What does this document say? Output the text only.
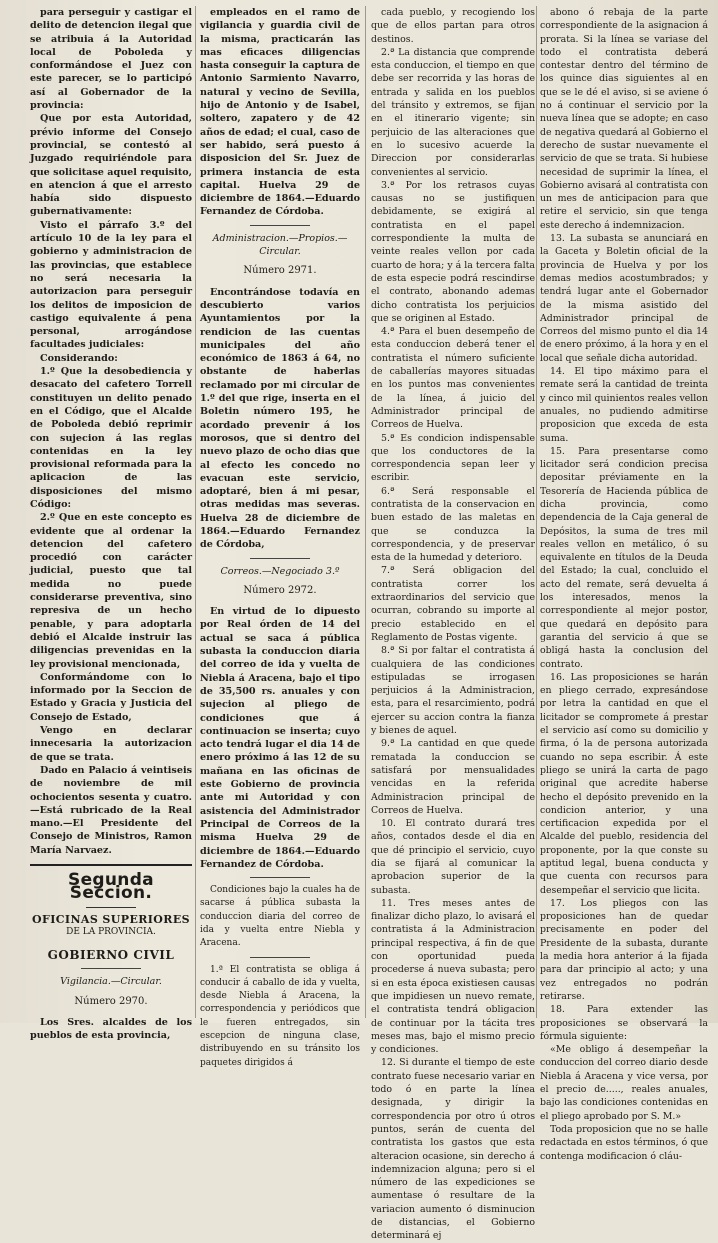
para perseguir y castigar el delito de detencion ilegal que se atribuia á la Autoridad local de Poboleda y conformándose el Juez con este parecer, se lo participó así al Gobernador de la provincia:

Que por esta Autoridad, prévio informe del Consejo provincial, se contestó al Juzgado requiriéndole para que solicitase aquel requisito, en atencion á que el arresto había sido dispuesto gubernativamente:

Visto el párrafo 3.º del artículo 10 de la ley para el gobierno y administracion de las provincias, que establece no será necesaria la autorizacion para perseguir los delitos de imposicion de castigo equivalente á pena personal, arrogándose facultades judiciales:

Considerando:

1.º Que la desobediencia y desacato del cafetero Torrell constituyen un delito penado en el Código, que el Alcalde de Poboleda debió reprimir con sujecion á las reglas contenidas en la ley provisional reformada para la aplicacion de las disposiciones del mismo Código:

2.º Que en este concepto es evidente que al ordenar la detencion del cafetero procedió con carácter judicial, puesto que tal medida no puede considerarse preventiva, sino represiva de un hecho penable, y para adoptarla debió el Alcalde instruir las diligencias prevenidas en la ley provisional mencionada,

Conformándome con lo informado por la Seccion de Estado y Gracia y Justicia del Consejo de Estado,

Vengo en declarar innecesaria la autorizacion de que se trata.

Dado en Palacio á veintiseis de noviembre de mil ochocientos sesenta y cuatro.—Está rubricado de la Real mano.—El Presidente del Consejo de Ministros, Ramon María Narvaez.

Segunda Seccion.
OFICINAS SUPERIORES
DE LA PROVINCIA.
GOBIERNO CIVIL
Vigilancia.—Circular.
Número 2970.

Los Sres. alcaldes de los pueblos de esta provincia,

empleados en el ramo de vigilancia y guardia civil de la misma, practicarán las mas eficaces diligencias hasta conseguir la captura de Antonio Sarmiento Navarro, natural y vecino de Sevilla, hijo de Antonio y de Isabel, soltero, zapatero y de 42 años de edad; el cual, caso de ser habido, será puesto á disposicion del Sr. Juez de primera instancia de esta capital. Huelva 29 de diciembre de 1864.—Eduardo Fernandez de Córdoba.

Administracion.—Propios.—Circular.
Número 2971.

Encontrándose todavía en descubierto varios Ayuntamientos por la rendicion de las cuentas municipales del año económico de 1863 á 64, no obstante de haberlas reclamado por mi circular de 1.º del que rige, inserta en el Boletin número 195, he acordado prevenir á los morosos, que si dentro del nuevo plazo de ocho dias que al efecto les concedo no evacuan este servicio, adoptaré, bien á mi pesar, otras medidas mas severas. Huelva 28 de diciembre de 1864.—Eduardo Fernandez de Córdoba,

Correos.—Negociado 3.º
Número 2972.

En virtud de lo dipuesto por Real órden de 14 del actual se saca á pública subasta la conduccion diaria del correo de ida y vuelta de Niebla á Aracena, bajo el tipo de 35,500 rs. anuales y con sujecion al pliego de condiciones que á continuacion se inserta; cuyo acto tendrá lugar el dia 14 de enero próximo á las 12 de su mañana en las oficinas de este Gobierno de provincia ante mi Autoridad y con asistencia del Administrador Principal de Correos de la misma Huelva 29 de diciembre de 1864.—Eduardo Fernandez de Córdoba.

Condiciones bajo la cuales ha de sacarse á pública subasta la conduccion diaria del correo de ida y vuelta entre Niebla y Aracena.

1.ª El contratista se obliga á conducir á caballo de ida y vuelta, desde Niebla á Aracena, la correspondencia y periódicos que le fueren entregados, sin escepcion de ninguna clase, distribuyendo en su tránsito los paquetes dirigidos á

cada pueblo, y recogiendo los que de ellos partan para otros destinos.

2.ª La distancia que comprende esta conduccion, el tiempo en que debe ser recorrida y las horas de entrada y salida en los pueblos del tránsito y extremos, se fijan en el itinerario vigente; sin perjuicio de las alteraciones que en lo sucesivo acuerde la Direccion por considerarlas convenientes al servicio.

3.ª Por los retrasos cuyas causas no se justifiquen debidamente, se exigirá al contratista en el papel correspondiente la multa de veinte reales vellon por cada cuarto de hora; y á la tercera falta de esta especie podrá rescindirse el contrato, abonando ademas dicho contratista los perjuicios que se originen al Estado.

4.ª Para el buen desempeño de esta conduccion deberá tener el contratista el número suficiente de caballerías mayores situadas en los puntos mas convenientes de la línea, á juicio del Administrador principal de Correos de Huelva.

5.ª Es condicion indispensable que los conductores de la correspondencia sepan leer y escribir.

6.ª Será responsable el contratista de la conservacion en buen estado de las maletas en que se conduzca la correspondencia, y de preservar esta de la humedad y deterioro.

7.ª Será obligacion del contratista correr los extraordinarios del servicio que ocurran, cobrando su importe al precio establecido en el Reglamento de Postas vigente.

8.ª Si por faltar el contratista á cualquiera de las condiciones estipuladas se irrogasen perjuicios á la Administracion, esta, para el resarcimiento, podrá ejercer su accion contra la fianza y bienes de aquel.

9.ª La cantidad en que quede rematada la conduccion se satisfará por mensualidades vencidas en la referida Administracion principal de Correos de Huelva.

10. El contrato durará tres años, contados desde el dia en que dé principio el servicio, cuyo dia se fijará al comunicar la aprobacion superior de la subasta.

11. Tres meses antes de finalizar dicho plazo, lo avisará el contratista á la Administracion principal respectiva, á fin de que con oportunidad pueda procederse á nueva subasta; pero si en esta época existiesen causas que impidiesen un nuevo remate, el contratista tendrá obligacion de continuar por la tácita tres meses mas, bajo el mismo precio y condiciones.

12. Si durante el tiempo de este contrato fuese necesario variar en todo ó en parte la línea designada, y dirigir la correspondencia por otro ú otros puntos, serán de cuenta del contratista los gastos que esta alteracion ocasione, sin derecho á indemnizacion alguna; pero si el número de las expediciones se aumentase ó resultare de la variacion aumento ó disminucion de distancias, el Gobierno determinará ej

abono ó rebaja de la parte correspondiente de la asignacion á prorata. Si la línea se variase del todo el contratista deberá contestar dentro del término de los quince dias siguientes al en que se le dé el aviso, si se aviene ó no á continuar el servicio por la nueva línea que se adopte; en caso de negativa quedará al Gobierno el derecho de sustar nuevamente el servicio de que se trata. Si hubiese necesidad de suprimir la línea, el Gobierno avisará al contratista con un mes de anticipacion para que retire el servicio, sin que tenga este derecho á indemnizacion.

13. La subasta se anunciará en la Gaceta y Boletin oficial de la provincia de Huelva y por los demas medios acostumbrados; y tendrá lugar ante el Gobernador de la misma asistido del Administrador principal de Correos del mismo punto el dia 14 de enero próximo, á la hora y en el local que señale dicha autoridad.

14. El tipo máximo para el remate será la cantidad de treinta y cinco mil quinientos reales vellon anuales, no pudiendo admitirse proposicion que exceda de esta suma.

15. Para presentarse como licitador será condicion precisa depositar préviamente en la Tesorería de Hacienda pública de dicha provincia, como dependencia de la Caja general de Depósitos, la suma de tres mil reales vellon en metálico, ó su equivalente en títulos de la Deuda del Estado; la cual, concluido el acto del remate, será devuelta á los interesados, menos la correspondiente al mejor postor, que quedará en depósito para garantia del servicio á que se obligá hasta la conclusion del contrato.

16. Las proposiciones se harán en pliego cerrado, expresándose por letra la cantidad en que el licitador se compromete á prestar el servicio así como su domicilio y firma, ó la de persona autorizada cuando no sepa escribir. Á este pliego se unirá la carta de pago original que acredite haberse hecho el depósito prevenido en la condicion anterior, y una certificacion expedida por el Alcalde del pueblo, residencia del proponente, por la que conste su aptitud legal, buena conducta y que cuenta con recursos para desempeñar el servicio que licita.

17. Los pliegos con las proposiciones han de quedar precisamente en poder del Presidente de la subasta, durante la media hora anterior á la fijada para dar principio al acto; y una vez entregados no podrán retirarse.

18. Para extender las proposiciones se observará la fórmula siguiente:

«Me obligo á desempeñar la conduccion del correo diario desde Niebla á Aracena y vice versa, por el precio de....., reales anuales, bajo las condiciones contenidas en el pliego aprobado por S. M.»

Toda proposicion que no se halle redactada en estos términos, ó que contenga modificacion ó cláu-
